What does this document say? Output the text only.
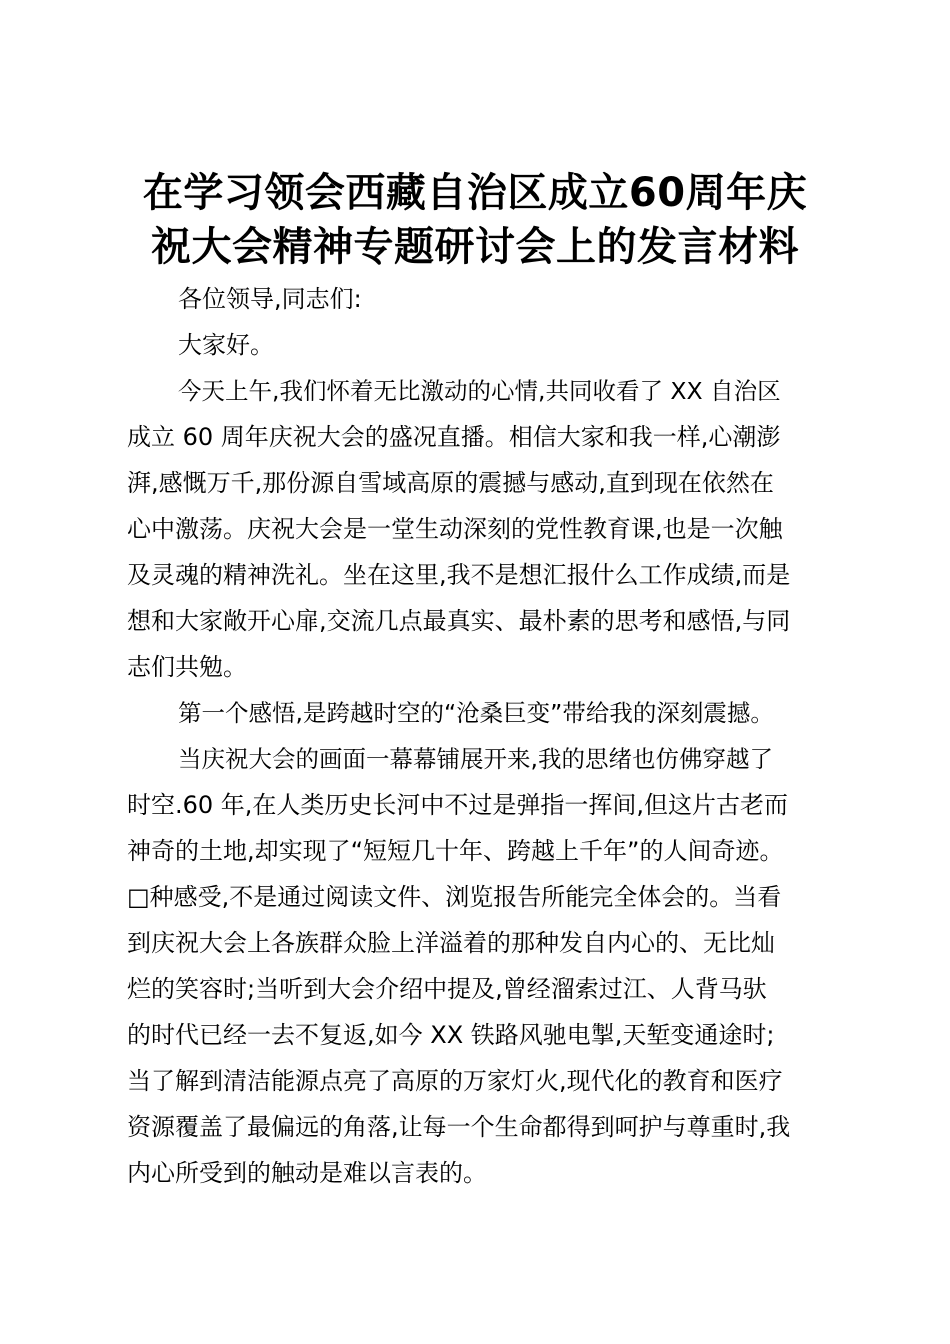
在学习领会西藏自治区成立60周年庆
祝大会精神专题研讨会上的发言材料

各位领导,同志们:

大家好。

今天上午,我们怀着无比激动的心情,共同收看了 XX 自治区
成立 60 周年庆祝大会的盛况直播。相信大家和我一样,心潮澎
湃,感慨万千,那份源自雪域高原的震撼与感动,直到现在依然在
心中激荡。庆祝大会是一堂生动深刻的党性教育课,也是一次触
及灵魂的精神洗礼。坐在这里,我不是想汇报什么工作成绩,而是
想和大家敞开心扉,交流几点最真实、最朴素的思考和感悟,与同
志们共勉。

第一个感悟,是跨越时空的“沧桑巨变”带给我的深刻震撼。

当庆祝大会的画面一幕幕铺展开来,我的思绪也仿佛穿越了
时空.60 年,在人类历史长河中不过是弹指一挥间,但这片古老而
神奇的土地,却实现了“短短几十年、跨越上千年”的人间奇迹。
□种感受,不是通过阅读文件、浏览报告所能完全体会的。当看
到庆祝大会上各族群众脸上洋溢着的那种发自内心的、无比灿
烂的笑容时;当听到大会介绍中提及,曾经溜索过江、人背马驮
的时代已经一去不复返,如今 XX 铁路风驰电掣,天堑变通途时;
当了解到清洁能源点亮了高原的万家灯火,现代化的教育和医疗
资源覆盖了最偏远的角落,让每一个生命都得到呵护与尊重时,我
内心所受到的触动是难以言表的。
